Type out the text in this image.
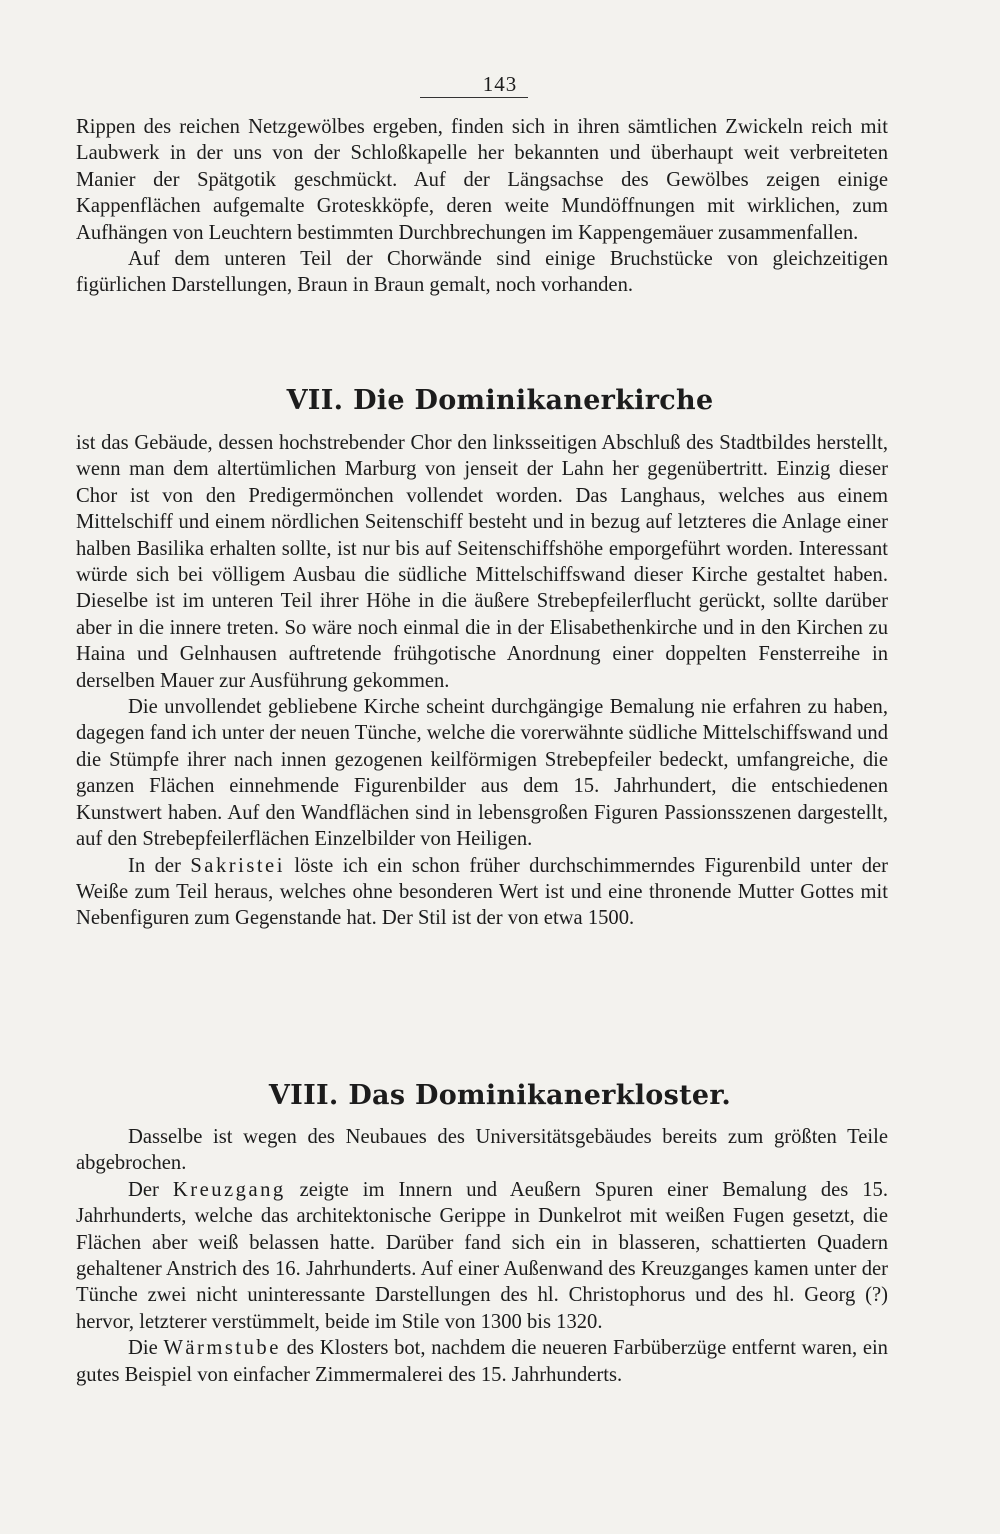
143

Rippen des reichen Netzgewölbes ergeben, finden sich in ihren sämtlichen Zwickeln reich mit Laubwerk in der uns von der Schloßkapelle her bekannten und überhaupt weit verbreiteten Manier der Spätgotik geschmückt. Auf der Längsachse des Gewölbes zeigen einige Kappenflächen aufgemalte Groteskköpfe, deren weite Mundöffnungen mit wirklichen, zum Aufhängen von Leuchtern bestimmten Durchbrechungen im Kappengemäuer zusammenfallen.

Auf dem unteren Teil der Chorwände sind einige Bruchstücke von gleichzeitigen figürlichen Darstellungen, Braun in Braun gemalt, noch vorhanden.

VII. Die Dominikanerkirche

ist das Gebäude, dessen hochstrebender Chor den linksseitigen Abschluß des Stadtbildes herstellt, wenn man dem altertümlichen Marburg von jenseit der Lahn her gegenübertritt. Einzig dieser Chor ist von den Predigermönchen vollendet worden. Das Langhaus, welches aus einem Mittelschiff und einem nördlichen Seitenschiff besteht und in bezug auf letzteres die Anlage einer halben Basilika erhalten sollte, ist nur bis auf Seitenschiffshöhe emporgeführt worden. Interessant würde sich bei völligem Ausbau die südliche Mittelschiffswand dieser Kirche gestaltet haben. Dieselbe ist im unteren Teil ihrer Höhe in die äußere Strebepfeilerflucht gerückt, sollte darüber aber in die innere treten. So wäre noch einmal die in der Elisabethenkirche und in den Kirchen zu Haina und Gelnhausen auftretende frühgotische Anordnung einer doppelten Fensterreihe in derselben Mauer zur Ausführung gekommen.

Die unvollendet gebliebene Kirche scheint durchgängige Bemalung nie erfahren zu haben, dagegen fand ich unter der neuen Tünche, welche die vorerwähnte südliche Mittelschiffswand und die Stümpfe ihrer nach innen gezogenen keilförmigen Strebepfeiler bedeckt, umfangreiche, die ganzen Flächen einnehmende Figurenbilder aus dem 15. Jahrhundert, die entschiedenen Kunstwert haben. Auf den Wandflächen sind in lebensgroßen Figuren Passionsszenen dargestellt, auf den Strebepfeilerflächen Einzelbilder von Heiligen.

In der Sakristei löste ich ein schon früher durchschimmerndes Figurenbild unter der Weiße zum Teil heraus, welches ohne besonderen Wert ist und eine thronende Mutter Gottes mit Nebenfiguren zum Gegenstande hat. Der Stil ist der von etwa 1500.

VIII. Das Dominikanerkloster.

Dasselbe ist wegen des Neubaues des Universitätsgebäudes bereits zum größten Teile abgebrochen.

Der Kreuzgang zeigte im Innern und Aeußern Spuren einer Bemalung des 15. Jahrhunderts, welche das architektonische Gerippe in Dunkelrot mit weißen Fugen gesetzt, die Flächen aber weiß belassen hatte. Darüber fand sich ein in blasseren, schattierten Quadern gehaltener Anstrich des 16. Jahrhunderts. Auf einer Außenwand des Kreuzganges kamen unter der Tünche zwei nicht uninteressante Darstellungen des hl. Christophorus und des hl. Georg (?) hervor, letzterer verstümmelt, beide im Stile von 1300 bis 1320.

Die Wärmstube des Klosters bot, nachdem die neueren Farbüberzüge entfernt waren, ein gutes Beispiel von einfacher Zimmermalerei des 15. Jahrhunderts.
